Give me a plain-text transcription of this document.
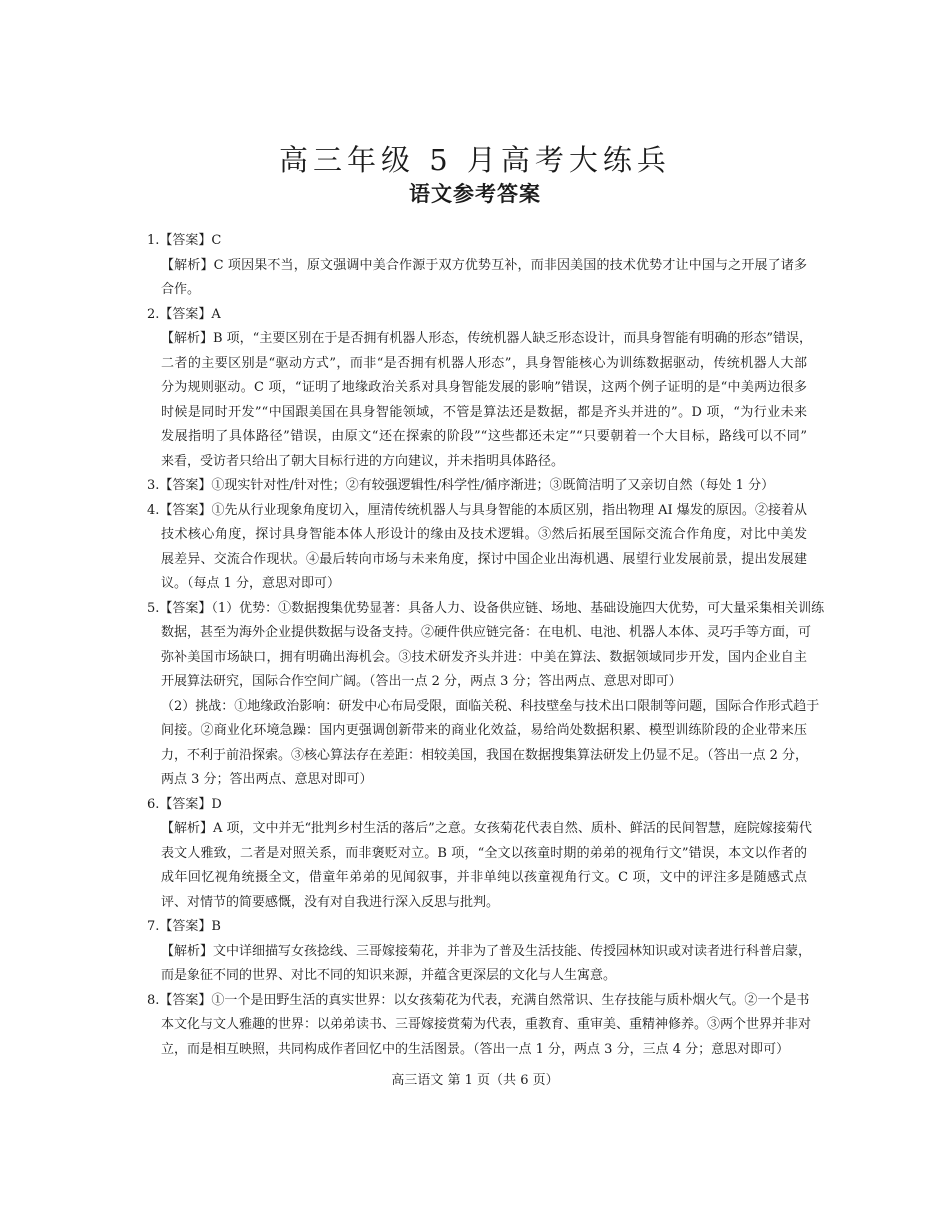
高三年级 5 月高考大练兵
语文参考答案
1.【答案】C
【解析】C 项因果不当，原文强调中美合作源于双方优势互补，而非因美国的技术优势才让中国与之开展了诸多
合作。
2.【答案】A
【解析】B 项，“主要区别在于是否拥有机器人形态，传统机器人缺乏形态设计，而具身智能有明确的形态”错误，
二者的主要区别是“驱动方式”，而非“是否拥有机器人形态”，具身智能核心为训练数据驱动，传统机器人大部
分为规则驱动。C 项，“证明了地缘政治关系对具身智能发展的影响”错误，这两个例子证明的是“中美两边很多
时候是同时开发”“中国跟美国在具身智能领域，不管是算法还是数据，都是齐头并进的”。D 项，“为行业未来
发展指明了具体路径”错误，由原文“还在探索的阶段”“这些都还未定”“只要朝着一个大目标，路线可以不同”
来看，受访者只给出了朝大目标行进的方向建议，并未指明具体路径。
3.【答案】①现实针对性/针对性；②有较强逻辑性/科学性/循序渐进；③既简洁明了又亲切自然（每处 1 分）
4.【答案】①先从行业现象角度切入，厘清传统机器人与具身智能的本质区别，指出物理 AI 爆发的原因。②接着从
技术核心角度，探讨具身智能本体人形设计的缘由及技术逻辑。③然后拓展至国际交流合作角度，对比中美发
展差异、交流合作现状。④最后转向市场与未来角度，探讨中国企业出海机遇、展望行业发展前景，提出发展建
议。（每点 1 分，意思对即可）
5.【答案】（1）优势：①数据搜集优势显著：具备人力、设备供应链、场地、基础设施四大优势，可大量采集相关训练
数据，甚至为海外企业提供数据与设备支持。②硬件供应链完备：在电机、电池、机器人本体、灵巧手等方面，可
弥补美国市场缺口，拥有明确出海机会。③技术研发齐头并进：中美在算法、数据领域同步开发，国内企业自主
开展算法研究，国际合作空间广阔。（答出一点 2 分，两点 3 分；答出两点、意思对即可）
（2）挑战：①地缘政治影响：研发中心布局受限，面临关税、科技壁垒与技术出口限制等问题，国际合作形式趋于
间接。②商业化环境急躁：国内更强调创新带来的商业化效益，易给尚处数据积累、模型训练阶段的企业带来压
力，不利于前沿探索。③核心算法存在差距：相较美国，我国在数据搜集算法研发上仍显不足。（答出一点 2 分，
两点 3 分；答出两点、意思对即可）
6.【答案】D
【解析】A 项，文中并无“批判乡村生活的落后”之意。女孩菊花代表自然、质朴、鲜活的民间智慧，庭院嫁接菊代
表文人雅致，二者是对照关系，而非褒贬对立。B 项，“全文以孩童时期的弟弟的视角行文”错误，本文以作者的
成年回忆视角统摄全文，借童年弟弟的见闻叙事，并非单纯以孩童视角行文。C 项，文中的评注多是随感式点
评、对情节的简要感慨，没有对自我进行深入反思与批判。
7.【答案】B
【解析】文中详细描写女孩捻线、三哥嫁接菊花，并非为了普及生活技能、传授园林知识或对读者进行科普启蒙，
而是象征不同的世界、对比不同的知识来源，并蕴含更深层的文化与人生寓意。
8.【答案】①一个是田野生活的真实世界：以女孩菊花为代表，充满自然常识、生存技能与质朴烟火气。②一个是书
本文化与文人雅趣的世界：以弟弟读书、三哥嫁接赏菊为代表，重教育、重审美、重精神修养。③两个世界并非对
立，而是相互映照，共同构成作者回忆中的生活图景。（答出一点 1 分，两点 3 分，三点 4 分；意思对即可）
高三语文 第 1 页（共 6 页）
